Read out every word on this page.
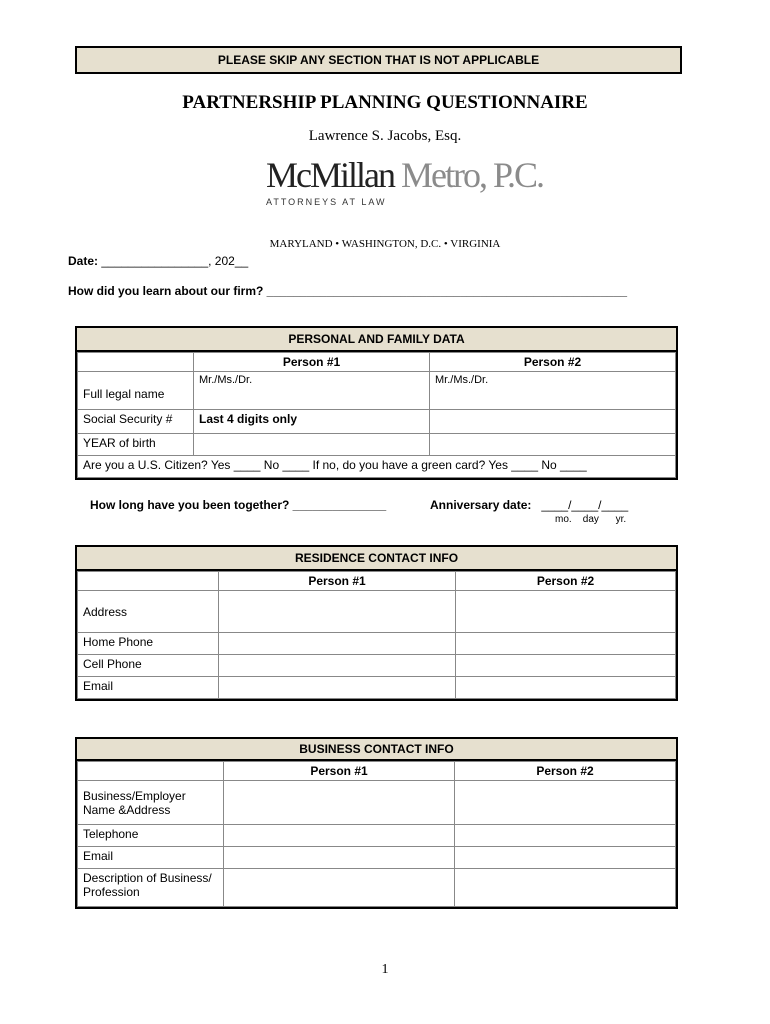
PLEASE SKIP ANY SECTION THAT IS NOT APPLICABLE
PARTNERSHIP PLANNING QUESTIONNAIRE
Lawrence S. Jacobs, Esq.
McMillan Metro, P.C.
ATTORNEYS AT LAW
MARYLAND • WASHINGTON, D.C. • VIRGINIA
Date: ________________, 202__
How did you learn about our firm? ______________________________________________________
PERSONAL AND FAMILY DATA
	Person #1	Person #2
Full legal name	Mr./Ms./Dr.	Mr./Ms./Dr.
Social Security #	Last 4 digits only	
YEAR of birth		
Are you a U.S. Citizen? Yes ____ No ____ If no, do you have a green card? Yes ____ No ____		
How long have you been together? ______________	Anniversary date: ____/____/____
mo.    day      yr.
RESIDENCE CONTACT INFO
	Person #1	Person #2
Address		
Home Phone		
Cell Phone		
Email		
BUSINESS CONTACT INFO
	Person #1	Person #2

Business/Employer
Name &Address		

Telephone		
Email		

Description of Business/
Profession		

1
